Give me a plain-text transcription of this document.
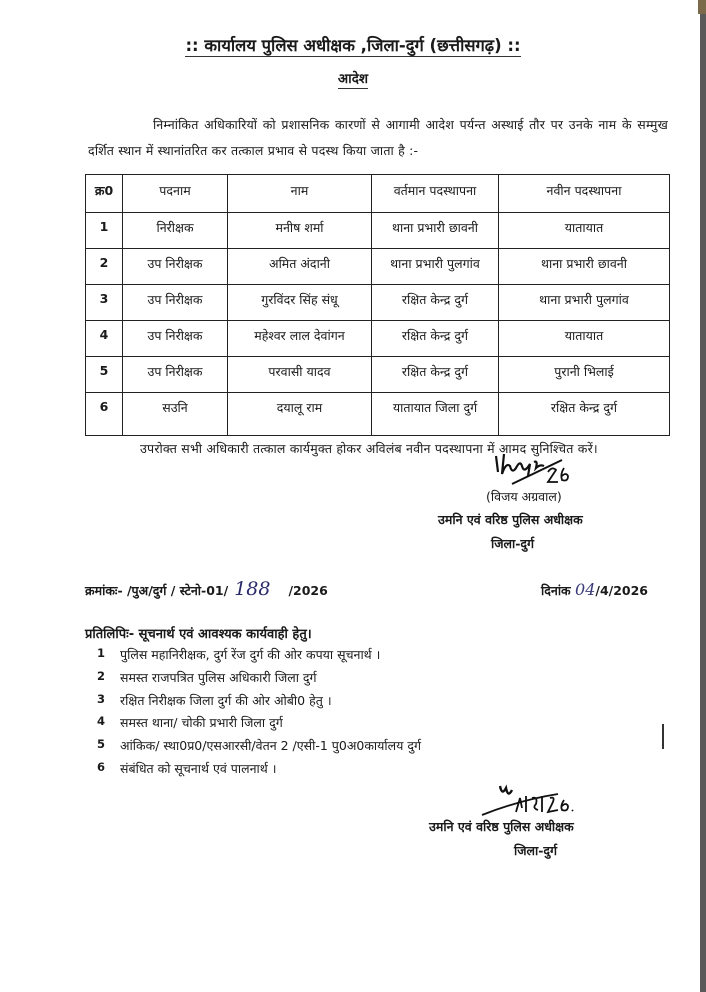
:: कार्यालय पुलिस अधीक्षक ,जिला-दुर्ग (छत्तीसगढ़) ::
आदेश
निम्नांकित अधिकारियों को प्रशासनिक कारणों से आगामी आदेश पर्यन्त अस्थाई तौर पर उनके नाम के सम्मुख दर्शित स्थान में स्थानांतरित कर तत्काल प्रभाव से पदस्थ किया जाता है :-
क्र0	पदनाम	नाम	वर्तमान पदस्थापना	नवीन पदस्थापना
1	निरीक्षक	मनीष शर्मा	थाना प्रभारी छावनी	यातायात
2	उप निरीक्षक	अमित अंदानी	थाना प्रभारी पुलगांव	थाना प्रभारी छावनी
3	उप निरीक्षक	गुरविंदर सिंह संधू	रक्षित केन्द्र दुर्ग	थाना प्रभारी पुलगांव
4	उप निरीक्षक	महेश्वर लाल देवांगन	रक्षित केन्द्र दुर्ग	यातायात
5	उप निरीक्षक	परवासी यादव	रक्षित केन्द्र दुर्ग	पुरानी भिलाई
6	सउनि	दयालू राम	यातायात जिला दुर्ग	रक्षित केन्द्र दुर्ग
उपरोक्त सभी अधिकारी तत्काल कार्यमुक्त होकर अविलंब नवीन पदस्थापना में आमद सुनिश्चित करें।
(विजय अग्रवाल)
उमनि एवं वरिष्ठ पुलिस अधीक्षक
जिला-दुर्ग
क्रमांकः- /पुअ/दुर्ग / स्टेनो-01/ 188 /2026	दिनांक 04/4/2026
प्रतिलिपिः- सूचनार्थ एवं आवश्यक कार्यवाही हेतु।
1	पुलिस महानिरीक्षक, दुर्ग रेंज दुर्ग की ओर कपया सूचनार्थ ।
2	समस्त राजपत्रित पुलिस अधिकारी जिला दुर्ग
3	रक्षित निरीक्षक जिला दुर्ग की ओर ओबी0 हेतु ।
4	समस्त थाना/ चोकी प्रभारी जिला दुर्ग
5	आंकिक/ स्था0प्र0/एसआरसी/वेतन 2 /एसी-1 पु0अ0कार्यालय दुर्ग
6	संबंधित को सूचनार्थ एवं पालनार्थ ।
उमनि एवं वरिष्ठ पुलिस अधीक्षक
जिला-दुर्ग
